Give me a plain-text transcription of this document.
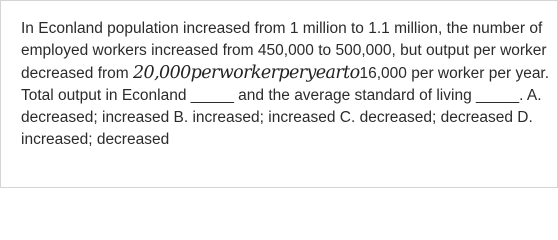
In Econland population increased from 1 million to 1.1 million, the number of employed workers increased from 450,000 to 500,000, but output per worker decreased from 20,000perworkerperyearto16,000 per worker per year. Total output in Econland _____ and the average standard of living _____. A. decreased; increased B. increased; increased C. decreased; decreased D. increased; decreased
